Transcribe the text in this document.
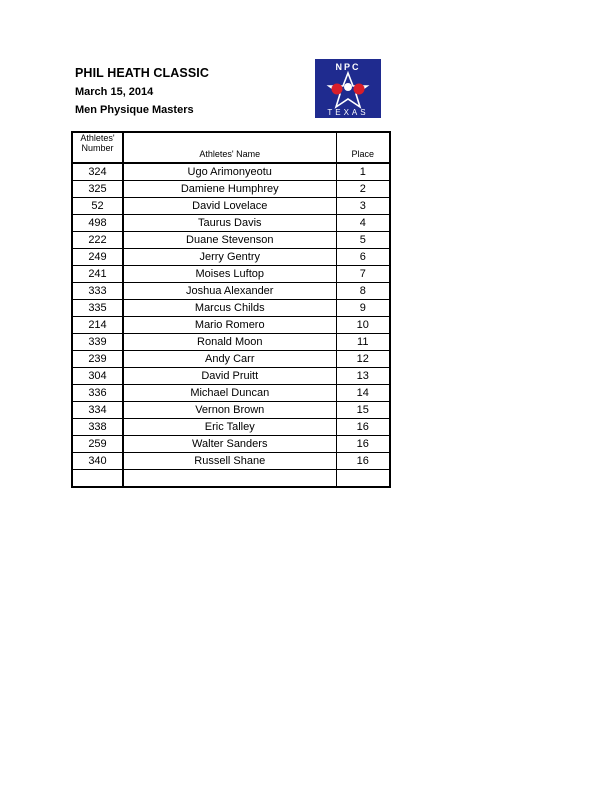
PHIL HEATH CLASSIC
March 15, 2014
Men Physique Masters
NPC
TEXAS
Athletes'
Number	Athletes' Name	Place
324	Ugo Arimonyeotu	1
325	Damiene Humphrey	2
52	David Lovelace	3
498	Taurus Davis	4
222	Duane Stevenson	5
249	Jerry Gentry	6
241	Moises Luftop	7
333	Joshua Alexander	8
335	Marcus Childs	9
214	Mario Romero	10
339	Ronald Moon	11
239	Andy Carr	12
304	David Pruitt	13
336	Michael Duncan	14
334	Vernon Brown	15
338	Eric Talley	16
259	Walter Sanders	16
340	Russell Shane	16
